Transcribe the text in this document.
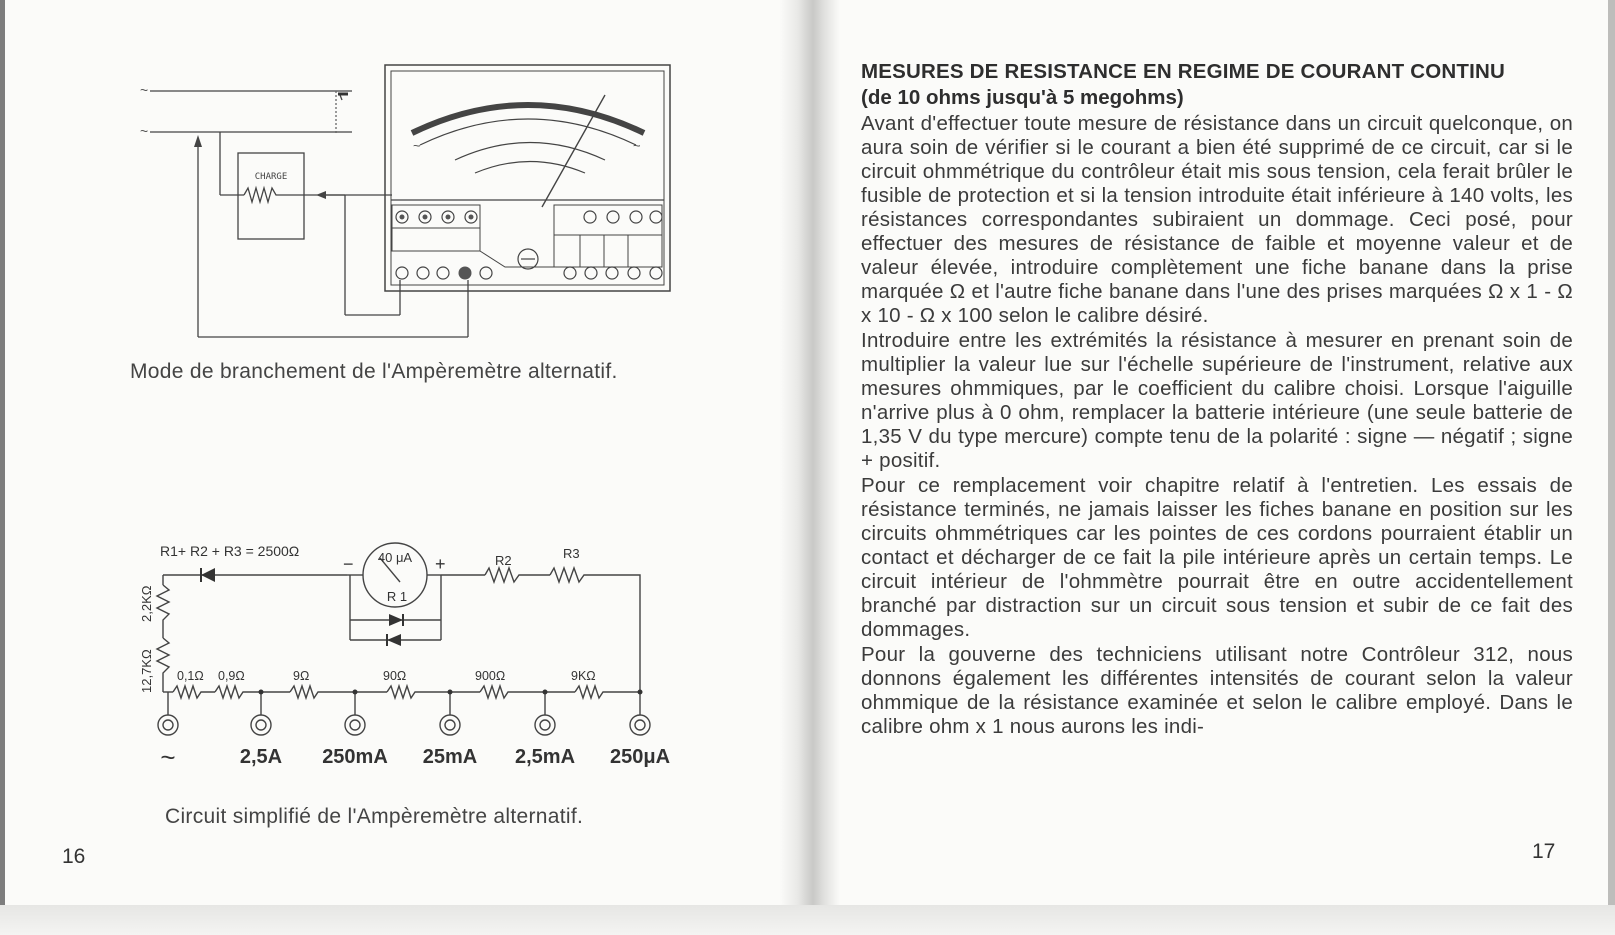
~
~
CHARGE
~	~
Mode de branchement de l'Ampèremètre alternatif.
R1+ R2 + R3 = 2500Ω
−	+
40 μA
R 1
R2	R3
2,2KΩ
12,7KΩ 0,1Ω 0,9Ω	9Ω	90Ω	900Ω	9KΩ
~	2,5A 250mA 25mA 2,5mA 250μA
Circuit simplifié de l'Ampèremètre alternatif.
16
MESURES DE RESISTANCE EN REGIME DE COURANT CONTINU
(de 10 ohms jusqu'à 5 megohms)
Avant d'effectuer toute mesure de résistance dans un circuit quelconque, on aura soin de vérifier si le courant a bien été supprimé de ce circuit, car si le circuit ohmmétrique du contrôleur était mis sous tension, cela ferait brûler le fusible de protection et si la tension introduite était inférieure à 140 volts, les résistances correspondantes subiraient un dommage. Ceci posé, pour effectuer des mesures de résistance de faible et moyenne valeur et de valeur élevée, introduire complètement une fiche banane dans la prise marquée Ω et l'autre fiche banane dans l'une des prises marquées Ω x 1 - Ω x 10 - Ω x 100 selon le calibre désiré.
Introduire entre les extrémités la résistance à mesurer en prenant soin de multiplier la valeur lue sur l'échelle supérieure de l'instrument, relative aux mesures ohmmiques, par le coefficient du calibre choisi. Lorsque l'aiguille n'arrive plus à 0 ohm, remplacer la batterie intérieure (une seule batterie de 1,35 V du type mercure) compte tenu de la polarité : signe — négatif ; signe + positif.
Pour ce remplacement voir chapitre relatif à l'entretien. Les essais de résistance terminés, ne jamais laisser les fiches banane en position sur les circuits ohmmétriques car les pointes de ces cordons pourraient établir un contact et décharger de ce fait la pile intérieure après un certain temps. Le circuit intérieur de l'ohmmètre pourrait être en outre accidentellement branché par distraction sur un circuit sous tension et subir de ce fait des dommages.
Pour la gouverne des techniciens utilisant notre Contrôleur 312, nous donnons également les différentes intensités de courant selon la valeur ohmmique de la résistance examinée et selon le calibre employé. Dans le calibre ohm x 1 nous aurons les indi-
17
